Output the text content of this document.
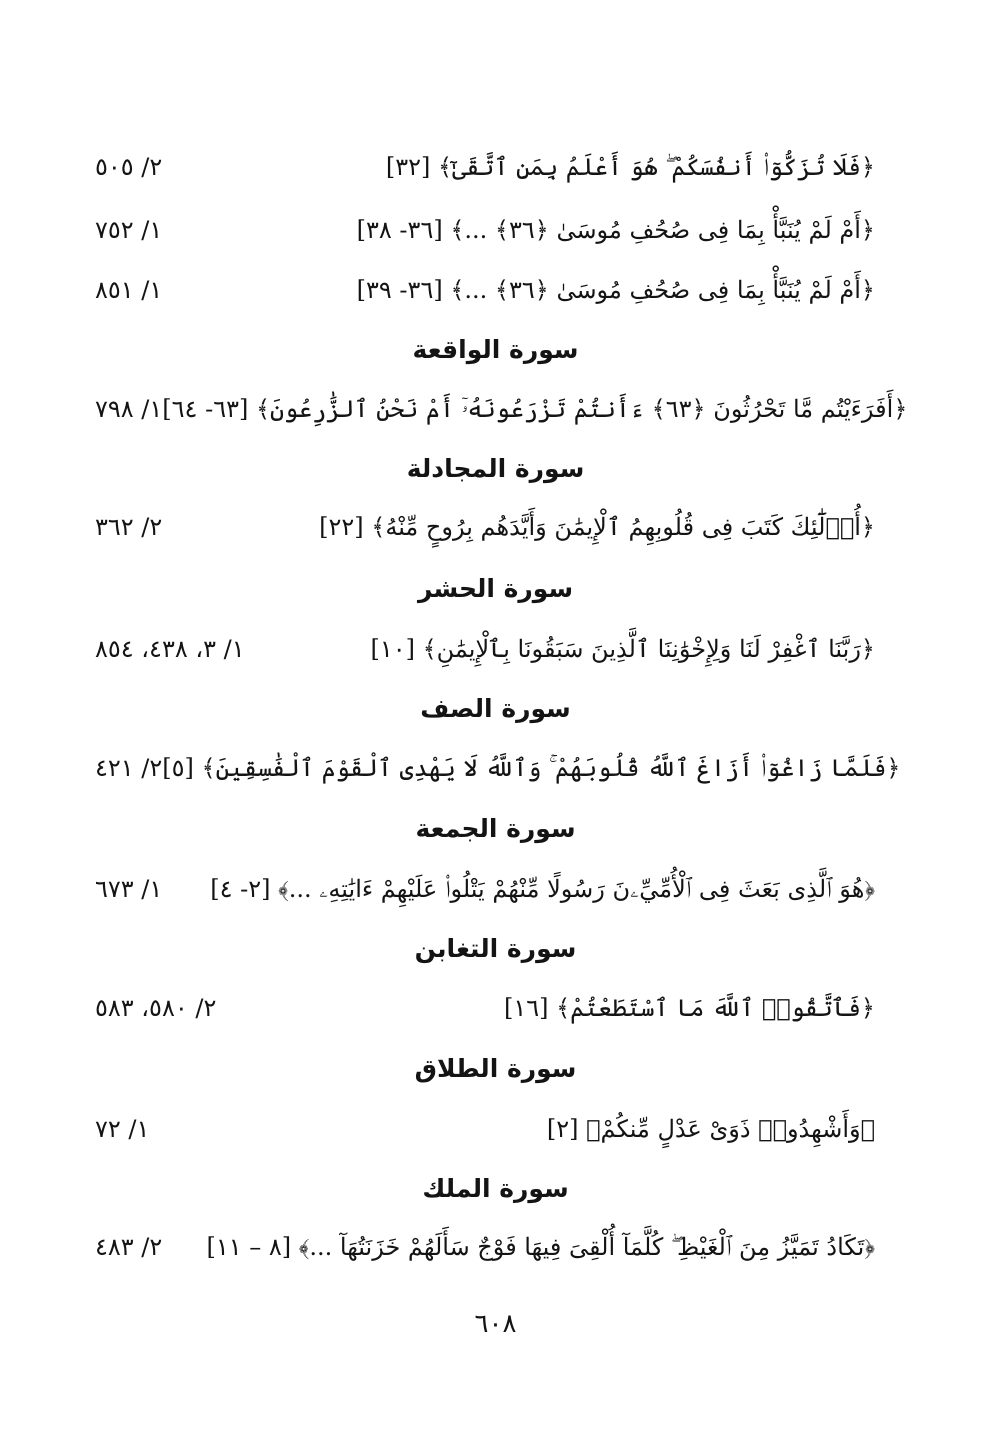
٢/ ٥٠٥	﴿فَلَا تُزَكُّوٓا۟ أَنفُسَكُمْ ۖ هُوَ أَعْلَمُ بِمَنِ ٱتَّقَىٰٓ﴾ [٣٢]
١/ ٧٥٢	﴿أَمْ لَمْ يُنَبَّأْ بِمَا فِى صُحُفِ مُوسَىٰ ﴿٣٦﴾ ...﴾ [٣٦- ٣٨]
١/ ٨٥١	﴿أَمْ لَمْ يُنَبَّأْ بِمَا فِى صُحُفِ مُوسَىٰ ﴿٣٦﴾ ...﴾ [٣٦- ٣٩]
سورة الواقعة
١/ ٧٩٨ ﴿أَفَرَءَيْتُم مَّا تَحْرُثُونَ ﴿٦٣﴾ ءَأَنتُمْ تَزْرَعُونَهُۥٓ أَمْ نَحْنُ ٱلزَّٰرِعُونَ﴾ [٦٣- ٦٤]
سورة المجادلة
٢/ ٣٦٢	﴿أُو۟لَٰٓئِكَ كَتَبَ فِى قُلُوبِهِمُ ٱلْإِيمَٰنَ وَأَيَّدَهُم بِرُوحٍ مِّنْهُ﴾ [٢٢]
سورة الحشر
١/ ٣، ٤٣٨، ٨٥٤	﴿رَبَّنَا ٱغْفِرْ لَنَا وَلِإِخْوَٰنِنَا ٱلَّذِينَ سَبَقُونَا بِٱلْإِيمَٰنِ﴾ [١٠]
سورة الصف
٢/ ٤٢١ ﴿فَلَمَّا زَاغُوٓا۟ أَزَاغَ ٱللَّهُ قُلُوبَهُمْ ۚ وَٱللَّهُ لَا يَهْدِى ٱلْقَوْمَ ٱلْفَٰسِقِينَ﴾ [٥]
سورة الجمعة
١/ ٦٧٣ ﴿هُوَ ٱلَّذِى بَعَثَ فِى ٱلْأُمِّيِّۦنَ رَسُولًا مِّنْهُمْ يَتْلُوا۟ عَلَيْهِمْ ءَايَٰتِهِۦ ...﴾ [٢- ٤]
سورة التغابن
٢/ ٥٨٠، ٥٨٣	﴿فَٱتَّقُوا۟ ٱللَّهَ مَا ٱسْتَطَعْتُمْ﴾ [١٦]
سورة الطلاق
١/ ٧٢	﴿وَأَشْهِدُوا۟ ذَوَىْ عَدْلٍ مِّنكُمْ﴾ [٢]
سورة الملك
٢/ ٤٨٣ ﴿تَكَادُ تَمَيَّزُ مِنَ ٱلْغَيْظِ ۖ كُلَّمَآ أُلْقِىَ فِيهَا فَوْجٌ سَأَلَهُمْ خَزَنَتُهَآ ...﴾ [٨ – ١١]
٦٠٨
